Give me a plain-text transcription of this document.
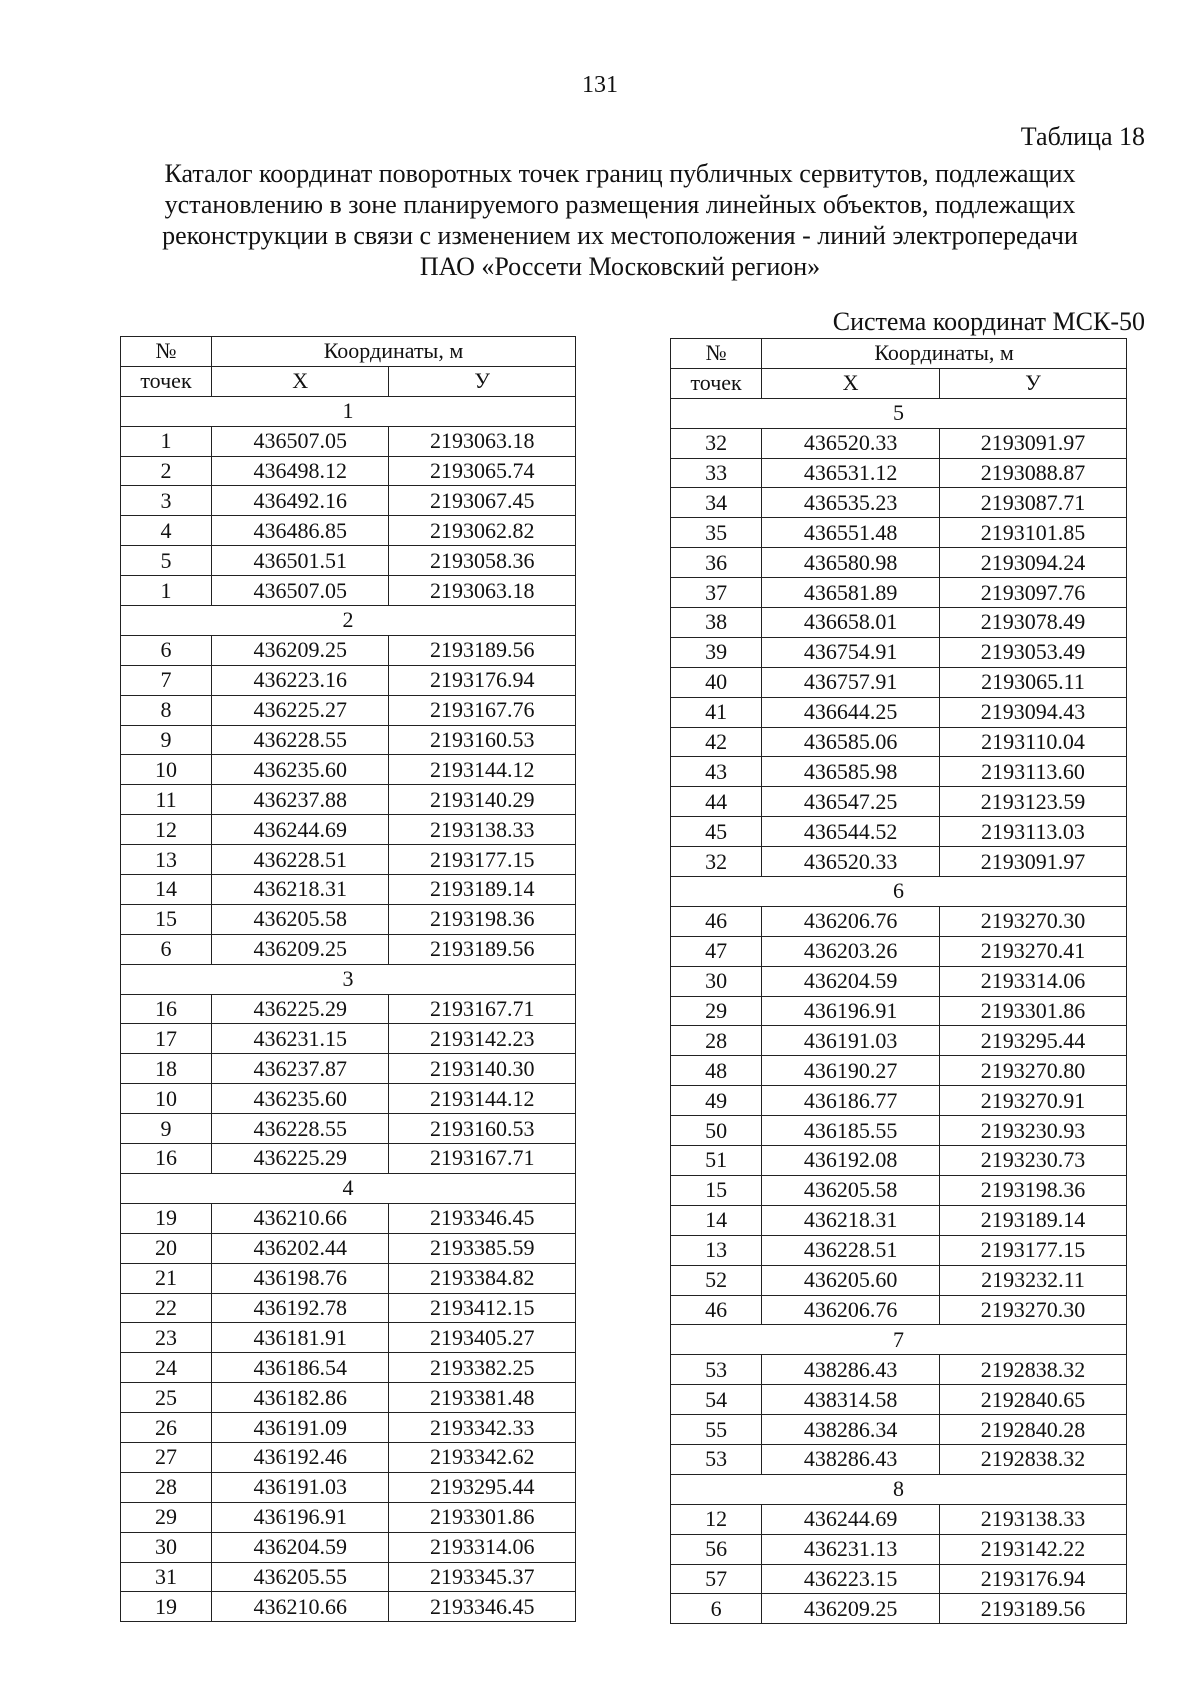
131
Таблица 18
Каталог координат поворотных точек границ публичных сервитутов, подлежащих
установлению в зоне планируемого размещения линейных объектов, подлежащих
реконструкции в связи с изменением их местоположения - линий электропередачи
ПАО «Россети Московский регион»
Система координат МСК-50
№	Координаты, м	
точек	Х	У
1		
1	436507.05	2193063.18
2	436498.12	2193065.74
3	436492.16	2193067.45
4	436486.85	2193062.82
5	436501.51	2193058.36
1	436507.05	2193063.18
2		
6	436209.25	2193189.56
7	436223.16	2193176.94
8	436225.27	2193167.76
9	436228.55	2193160.53
10	436235.60	2193144.12
11	436237.88	2193140.29
12	436244.69	2193138.33
13	436228.51	2193177.15
14	436218.31	2193189.14
15	436205.58	2193198.36
6	436209.25	2193189.56
3		
16	436225.29	2193167.71
17	436231.15	2193142.23
18	436237.87	2193140.30
10	436235.60	2193144.12
9	436228.55	2193160.53
16	436225.29	2193167.71
4		
19	436210.66	2193346.45
20	436202.44	2193385.59
21	436198.76	2193384.82
22	436192.78	2193412.15
23	436181.91	2193405.27
24	436186.54	2193382.25
25	436182.86	2193381.48
26	436191.09	2193342.33
27	436192.46	2193342.62
28	436191.03	2193295.44
29	436196.91	2193301.86
30	436204.59	2193314.06
31	436205.55	2193345.37
19	436210.66	2193346.45
№	Координаты, м	
точек	Х	У
5		
32	436520.33	2193091.97
33	436531.12	2193088.87
34	436535.23	2193087.71
35	436551.48	2193101.85
36	436580.98	2193094.24
37	436581.89	2193097.76
38	436658.01	2193078.49
39	436754.91	2193053.49
40	436757.91	2193065.11
41	436644.25	2193094.43
42	436585.06	2193110.04
43	436585.98	2193113.60
44	436547.25	2193123.59
45	436544.52	2193113.03
32	436520.33	2193091.97
6		
46	436206.76	2193270.30
47	436203.26	2193270.41
30	436204.59	2193314.06
29	436196.91	2193301.86
28	436191.03	2193295.44
48	436190.27	2193270.80
49	436186.77	2193270.91
50	436185.55	2193230.93
51	436192.08	2193230.73
15	436205.58	2193198.36
14	436218.31	2193189.14
13	436228.51	2193177.15
52	436205.60	2193232.11
46	436206.76	2193270.30
7		
53	438286.43	2192838.32
54	438314.58	2192840.65
55	438286.34	2192840.28
53	438286.43	2192838.32
8		
12	436244.69	2193138.33
56	436231.13	2193142.22
57	436223.15	2193176.94
6	436209.25	2193189.56
